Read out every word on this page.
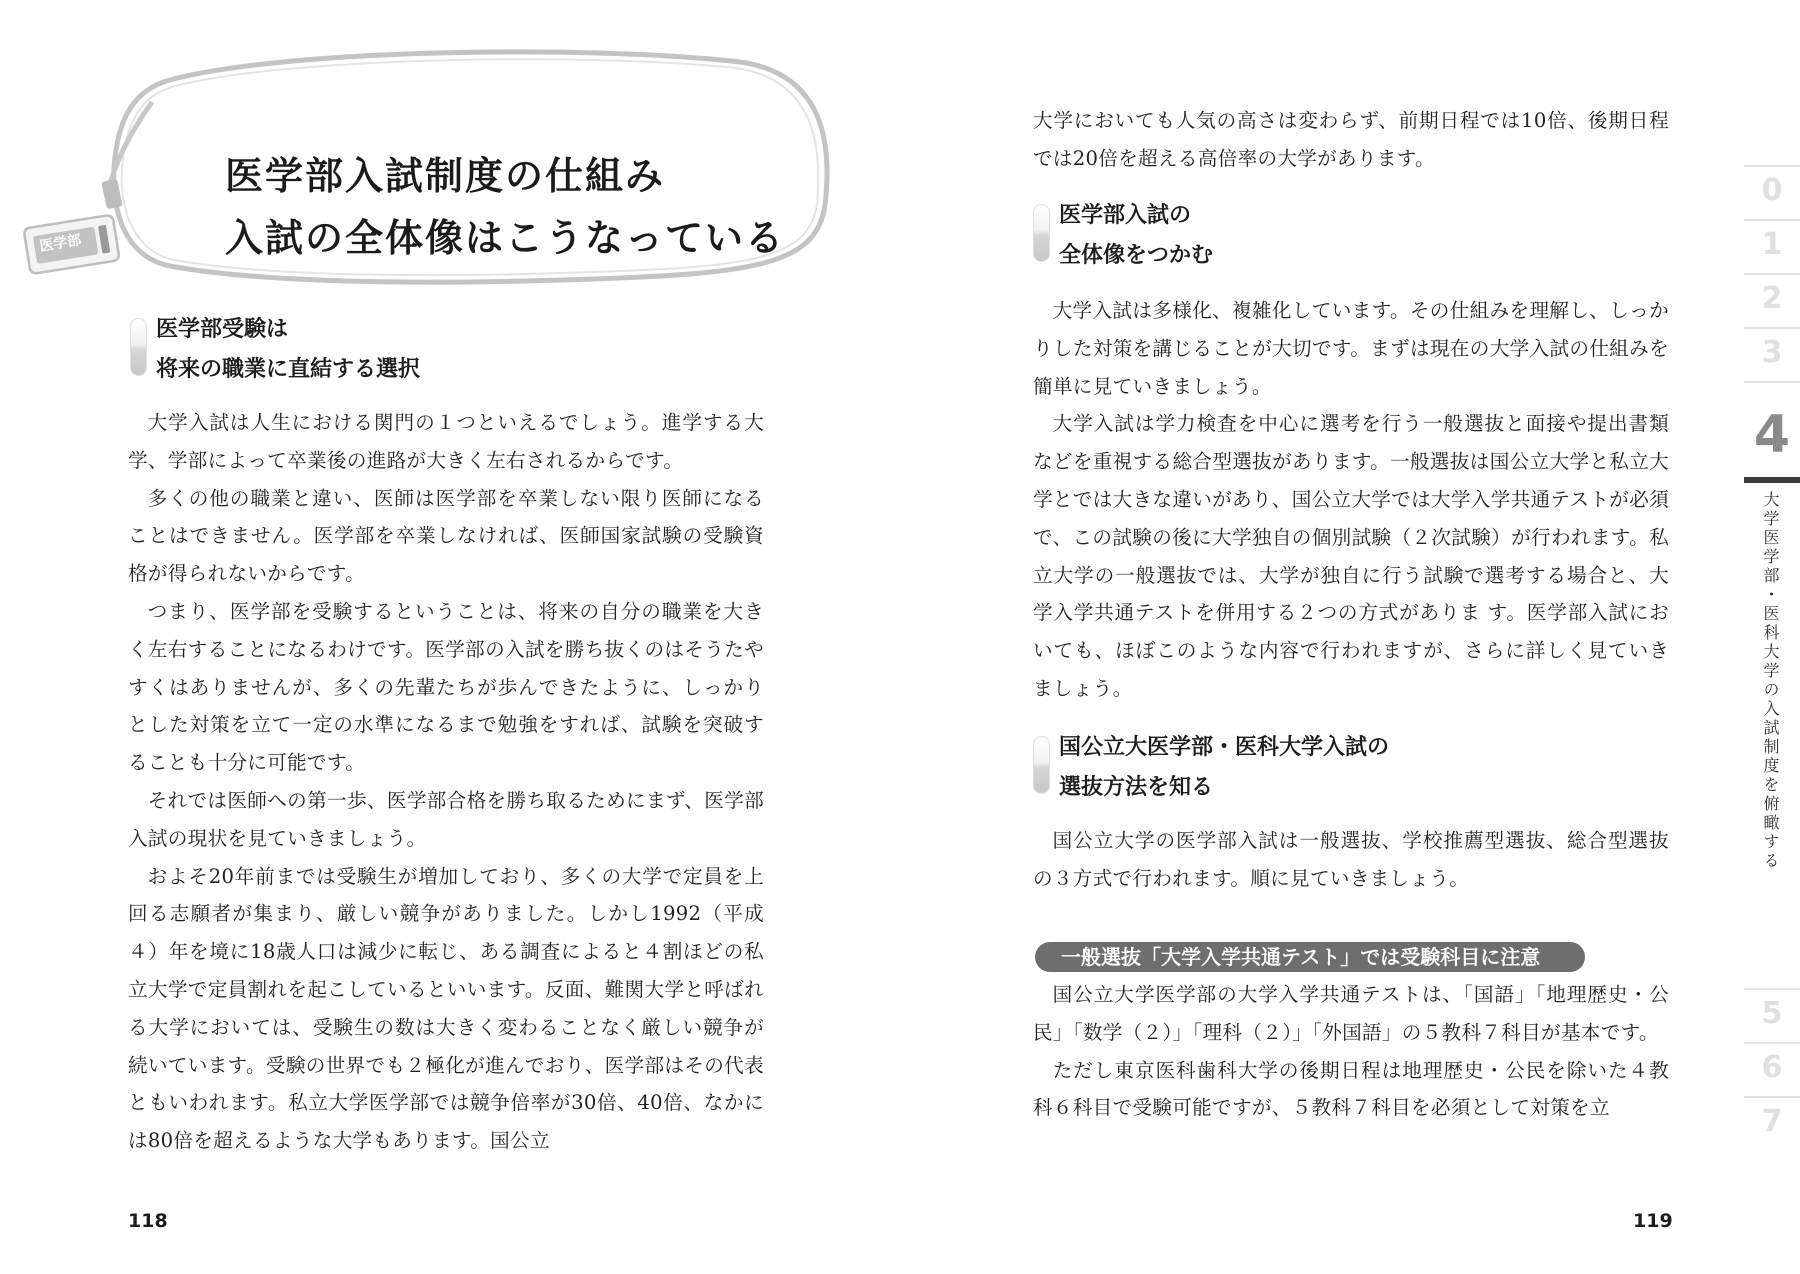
医学部入試制度の仕組み
入試の全体像はこうなっている
医学部
医学部受験は
将来の職業に直結する選択

大学入試は人生における関門の１つといえるでしょう。進学する大学、学部によって卒業後の進路が大きく左右されるからです。

多くの他の職業と違い、医師は医学部を卒業しない限り医師になることはできません。医学部を卒業しなければ、医師国家試験の受験資格が得られないからです。

つまり、医学部を受験するということは、将来の自分の職業を大きく左右することになるわけです。医学部の入試を勝ち抜くのはそうたやすくはありませんが、多くの先輩たちが歩んできたように、しっかりとした対策を立て一定の水準になるまで勉強をすれば、試験を突破することも十分に可能です。

それでは医師への第一歩、医学部合格を勝ち取るためにまず、医学部入試の現状を見ていきましょう。

およそ20年前までは受験生が増加しており、多くの大学で定員を上回る志願者が集まり、厳しい競争がありました。しかし1992（平成４）年を境に18歳人口は減少に転じ、ある調査によると４割ほどの私立大学で定員割れを起こしているといいます。反面、難関大学と呼ばれる大学においては、受験生の数は大きく変わることなく厳しい競争が続いています。受験の世界でも２極化が進んでおり、医学部はその代表ともいわれます。私立大学医学部では競争倍率が30倍、40倍、なかには80倍を超えるような大学もあります。国公立

118

大学においても人気の高さは変わらず、前期日程では10倍、後期日程では20倍を超える高倍率の大学があります。

医学部入試の
全体像をつかむ

大学入試は多様化、複雑化しています。その仕組みを理解し、しっかりした対策を講じることが大切です。まずは現在の大学入試の仕組みを簡単に見ていきましょう。

大学入試は学力検査を中心に選考を行う一般選抜と面接や提出書類などを重視する総合型選抜があります。一般選抜は国公立大学と私立大学とでは大きな違いがあり、国公立大学では大学入学共通テストが必須で、この試験の後に大学独自の個別試験（２次試験）が行われます。私立大学の一般選抜では、大学が独自に行う試験で選考する場合と、大学入学共通テストを併用する２つの方式がありま す。医学部入試においても、ほぼこのような内容で行われますが、さらに詳しく見ていきましょう。

国公立大医学部・医科大学入試の
選抜方法を知る

国公立大学の医学部入試は一般選抜、学校推薦型選抜、総合型選抜の３方式で行われます。順に見ていきましょう。

一般選抜「大学入学共通テスト」では受験科目に注意

国公立大学医学部の大学入学共通テストは、「国語」「地理歴史・公民」「数学（２）」「理科（２）」「外国語」の５教科７科目が基本です。

ただし東京医科歯科大学の後期日程は地理歴史・公民を除いた４教科６科目で受験可能ですが、５教科７科目を必須として対策を立

119
0
1
2
3
4
大学医学部・医科大学の入試制度を俯瞰する
5
6
7
